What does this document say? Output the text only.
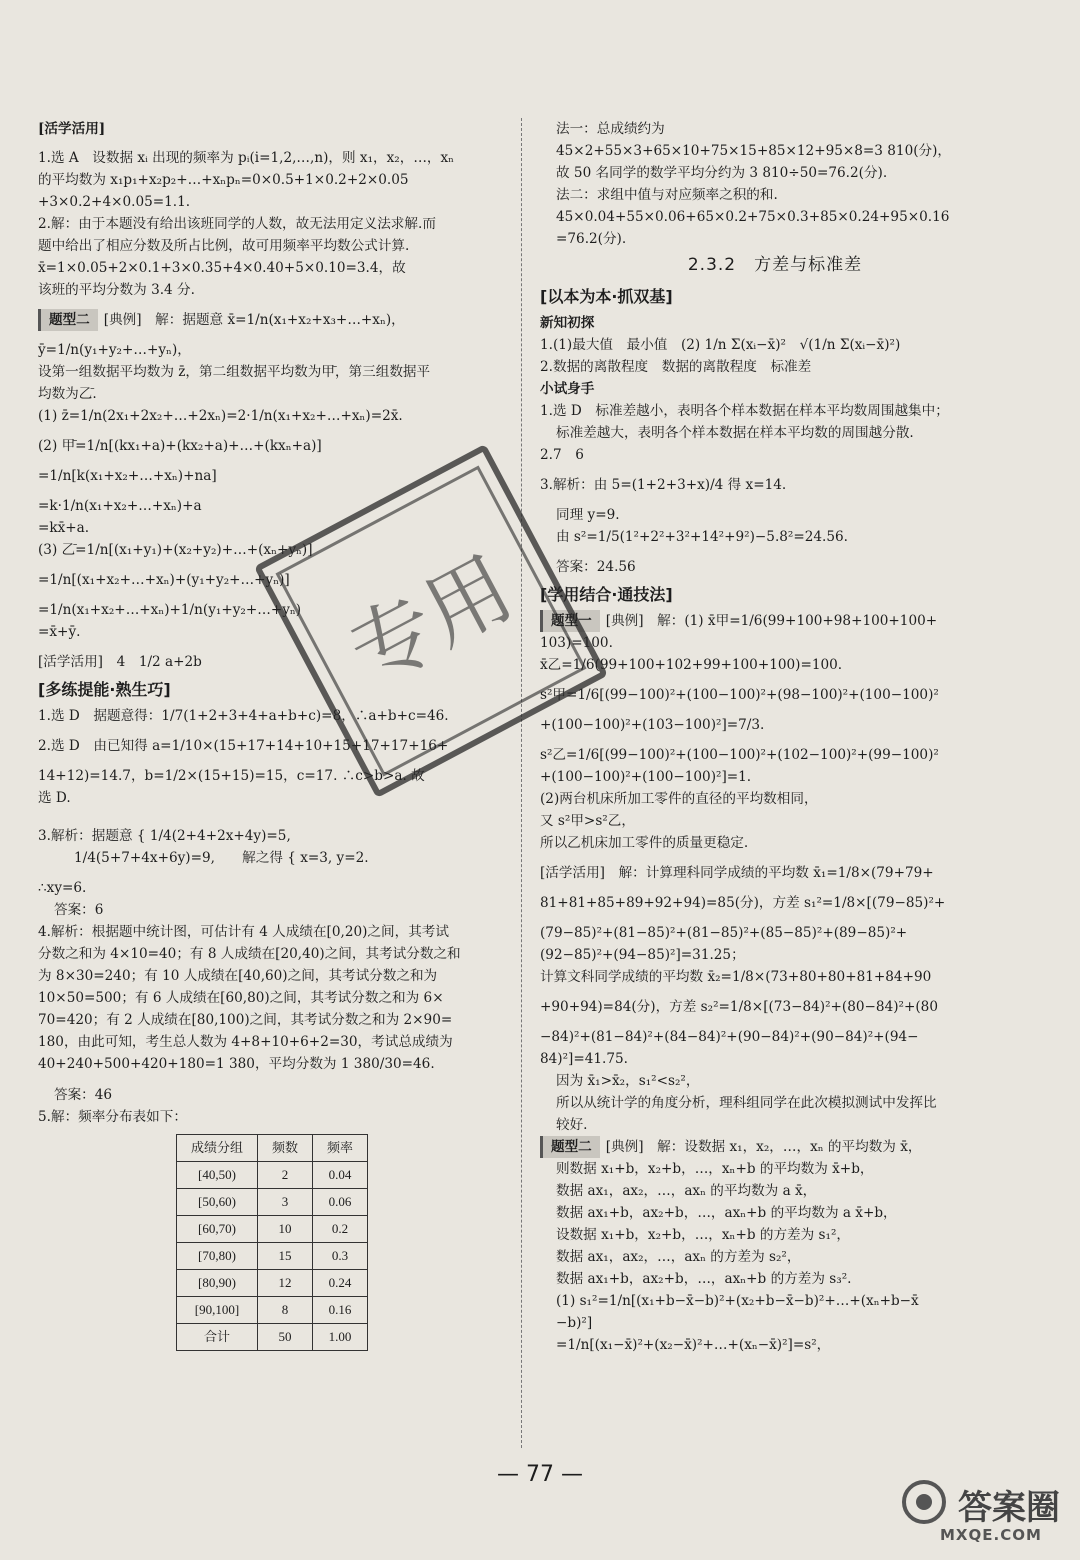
[活学活用]
1.选 A　设数据 xᵢ 出现的频率为 pᵢ(i=1,2,…,n)，则 x₁，x₂，…，xₙ
的平均数为 x₁p₁+x₂p₂+…+xₙpₙ=0×0.5+1×0.2+2×0.05
+3×0.2+4×0.05=1.1.
2.解：由于本题没有给出该班同学的人数，故无法用定义法求解.而
题中给出了相应分数及所占比例，故可用频率平均数公式计算.
x̄=1×0.05+2×0.1+3×0.35+4×0.40+5×0.10=3.4，故
该班的平均分数为 3.4 分.
题型二 [典例]　解：据题意 x̄=1/n(x₁+x₂+x₃+…+xₙ)，
ȳ=1/n(y₁+y₂+…+yₙ)，
设第一组数据平均数为 z̄，第二组数据平均数为甲̄，第三组数据平
均数为乙̄.
(1) z̄=1/n(2x₁+2x₂+…+2xₙ)=2·1/n(x₁+x₂+…+xₙ)=2x̄.
(2) 甲̄=1/n[(kx₁+a)+(kx₂+a)+…+(kxₙ+a)]
=1/n[k(x₁+x₂+…+xₙ)+na]
=k·1/n(x₁+x₂+…+xₙ)+a
=kx̄+a.
(3) 乙̄=1/n[(x₁+y₁)+(x₂+y₂)+…+(xₙ+yₙ)]
=1/n[(x₁+x₂+…+xₙ)+(y₁+y₂+…+yₙ)]
=1/n(x₁+x₂+…+xₙ)+1/n(y₁+y₂+…+yₙ)
=x̄+ȳ.
[活学活用]　4　1/2 a+2b
[多练提能·熟生巧]
1.选 D　据题意得：1/7(1+2+3+4+a+b+c)=8，∴a+b+c=46.
2.选 D　由已知得 a=1/10×(15+17+14+10+15+17+17+16+
14+12)=14.7，b=1/2×(15+15)=15，c=17. ∴c>b>a. 故
选 D.
3.解析：据题意 { 1/4(2+4+2x+4y)=5,
1/4(5+7+4x+6y)=9,　　解之得 { x=3, y=2.
∴xy=6.
答案：6
4.解析：根据题中统计图，可估计有 4 人成绩在[0,20)之间，其考试
分数之和为 4×10=40；有 8 人成绩在[20,40)之间，其考试分数之和
为 8×30=240；有 10 人成绩在[40,60)之间，其考试分数之和为
10×50=500；有 6 人成绩在[60,80)之间，其考试分数之和为 6×
70=420；有 2 人成绩在[80,100)之间，其考试分数之和为 2×90=
180，由此可知，考生总人数为 4+8+10+6+2=30，考试总成绩为
40+240+500+420+180=1 380，平均分数为 1 380/30=46.
答案：46
5.解：频率分布表如下：
成绩分组	频数	频率
[40,50)	2	0.04
[50,60)	3	0.06
[60,70)	10	0.2
[70,80)	15	0.3
[80,90)	12	0.24
[90,100]	8	0.16
合计	50	1.00
法一：总成绩约为
45×2+55×3+65×10+75×15+85×12+95×8=3 810(分)，
故 50 名同学的数学平均分约为 3 810÷50=76.2(分).
法二：求组中值与对应频率之积的和.
45×0.04+55×0.06+65×0.2+75×0.3+85×0.24+95×0.16
=76.2(分).
2.3.2　方差与标准差
[以本为本·抓双基]
新知初探
1.(1)最大值　最小值　(2) 1/n Σ(xᵢ−x̄)²　√(1/n Σ(xᵢ−x̄)²)
2.数据的离散程度　数据的离散程度　标准差
小试身手
1.选 D　标准差越小，表明各个样本数据在样本平均数周围越集中；
标准差越大，表明各个样本数据在样本平均数的周围越分散.
2.7　6
3.解析：由 5=(1+2+3+x)/4 得 x=14.
同理 y=9.
由 s²=1/5(1²+2²+3²+14²+9²)−5.8²=24.56.
答案：24.56
[学用结合·通技法]
题型一 [典例]　解：(1) x̄甲=1/6(99+100+98+100+100+
103)=100.
x̄乙=1/6(99+100+102+99+100+100)=100.
s²甲=1/6[(99−100)²+(100−100)²+(98−100)²+(100−100)²
+(100−100)²+(103−100)²]=7/3.
s²乙=1/6[(99−100)²+(100−100)²+(102−100)²+(99−100)²
+(100−100)²+(100−100)²]=1.
(2)两台机床所加工零件的直径的平均数相同，
又 s²甲>s²乙，
所以乙机床加工零件的质量更稳定.
[活学活用]　解：计算理科同学成绩的平均数 x̄₁=1/8×(79+79+
81+81+85+89+92+94)=85(分)，方差 s₁²=1/8×[(79−85)²+
(79−85)²+(81−85)²+(81−85)²+(85−85)²+(89−85)²+
(92−85)²+(94−85)²]=31.25；
计算文科同学成绩的平均数 x̄₂=1/8×(73+80+80+81+84+90
+90+94)=84(分)，方差 s₂²=1/8×[(73−84)²+(80−84)²+(80
−84)²+(81−84)²+(84−84)²+(90−84)²+(90−84)²+(94−
84)²]=41.75.
因为 x̄₁>x̄₂，s₁²<s₂²，
所以从统计学的角度分析，理科组同学在此次模拟测试中发挥比
较好.
题型二 [典例]　解：设数据 x₁，x₂，…，xₙ 的平均数为 x̄，
则数据 x₁+b，x₂+b，…，xₙ+b 的平均数为 x̄+b，
数据 ax₁，ax₂，…，axₙ 的平均数为 a x̄，
数据 ax₁+b，ax₂+b，…，axₙ+b 的平均数为 a x̄+b，
设数据 x₁+b，x₂+b，…，xₙ+b 的方差为 s₁²，
数据 ax₁，ax₂，…，axₙ 的方差为 s₂²，
数据 ax₁+b，ax₂+b，…，axₙ+b 的方差为 s₃².
(1) s₁²=1/n[(x₁+b−x̄−b)²+(x₂+b−x̄−b)²+…+(xₙ+b−x̄
−b)²]
=1/n[(x₁−x̄)²+(x₂−x̄)²+…+(xₙ−x̄)²]=s²，
专用
— 77 —
答案圈
MXQE.COM
